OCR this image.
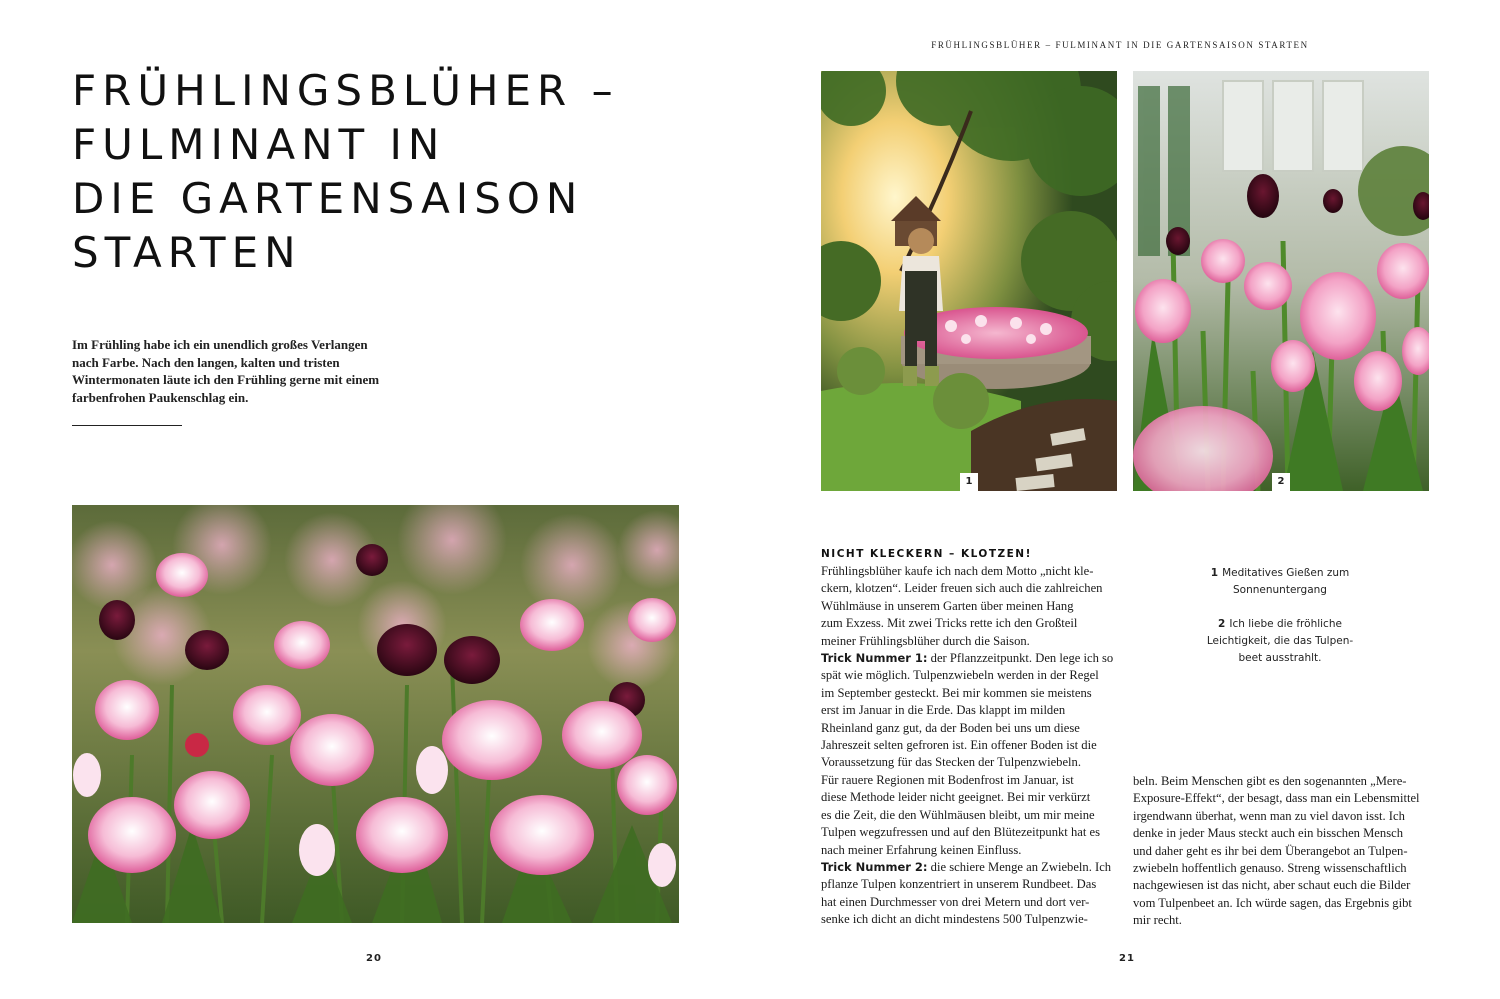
FRÜHLINGSBLÜHER –
FULMINANT IN
DIE GARTENSAISON
STARTEN
Im Frühling habe ich ein unendlich großes Verlangen
nach Farbe. Nach den langen, kalten und tristen
Wintermonaten läute ich den Frühling gerne mit einem
farbenfrohen Paukenschlag ein.
20
FRÜHLINGSBLÜHER – FULMINANT IN DIE GARTENSAISON STARTEN
1	2
NICHT KLECKERN – KLOTZEN!
Frühlingsblüher kaufe ich nach dem Motto „nicht kle-
ckern, klotzen“. Leider freuen sich auch die zahlreichen
Wühlmäuse in unserem Garten über meinen Hang
zum Exzess. Mit zwei Tricks rette ich den Großteil
meiner Frühlingsblüher durch die Saison.
Trick Nummer 1: der Pflanzzeitpunkt. Den lege ich so
spät wie möglich. Tulpenzwiebeln werden in der Regel
im September gesteckt. Bei mir kommen sie meistens
erst im Januar in die Erde. Das klappt im milden
Rheinland ganz gut, da der Boden bei uns um diese
Jahreszeit selten gefroren ist. Ein offener Boden ist die
Voraussetzung für das Stecken der Tulpenzwiebeln.
Für rauere Regionen mit Bodenfrost im Januar, ist
diese Methode leider nicht geeignet. Bei mir verkürzt
es die Zeit, die den Wühlmäusen bleibt, um mir meine
Tulpen wegzufressen und auf den Blütezeitpunkt hat es
nach meiner Erfahrung keinen Einfluss.
Trick Nummer 2: die schiere Menge an Zwiebeln. Ich
pflanze Tulpen konzentriert in unserem Rundbeet. Das
hat einen Durchmesser von drei Metern und dort ver-
senke ich dicht an dicht mindestens 500 Tulpenzwie-
beln. Beim Menschen gibt es den sogenannten „Mere-
Exposure-Effekt“, der besagt, dass man ein Lebensmittel
irgendwann überhat, wenn man zu viel davon isst. Ich
denke in jeder Maus steckt auch ein bisschen Mensch
und daher geht es ihr bei dem Überangebot an Tulpen-
zwiebeln hoffentlich genauso. Streng wissenschaftlich
nachgewiesen ist das nicht, aber schaut euch die Bilder
vom Tulpenbeet an. Ich würde sagen, das Ergebnis gibt
mir recht.
1 Meditatives Gießen zum
Sonnenuntergang
2 Ich liebe die fröhliche
Leichtigkeit, die das Tulpen-
beet ausstrahlt.
21
